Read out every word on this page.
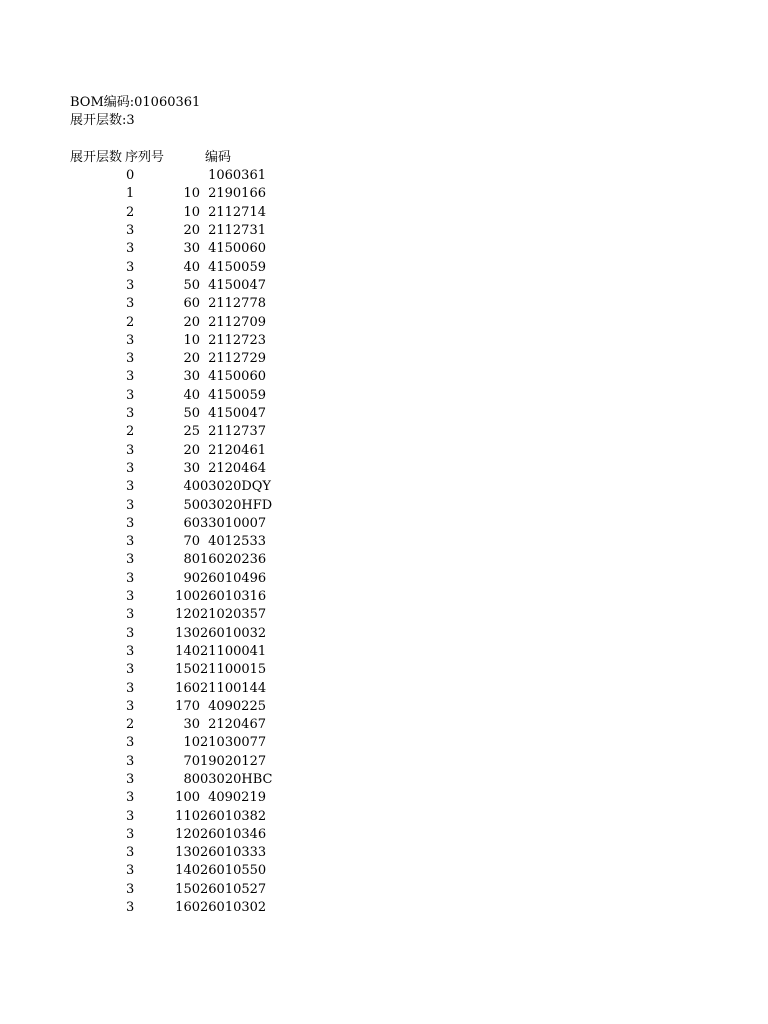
BOM编码:01060361
展开层数:3
展开层数 序列号	编码
0	1060361
1	10 2190166
2	10 2112714
3	20 2112731
3	30 4150060
3	40 4150059
3	50 4150047
3	60 2112778
2	20 2112709
3	10 2112723
3	20 2112729
3	30 4150060
3	40 4150059
3	50 4150047
2	25 2112737
3	20 2120461
3	30 2120464
3	40 03020DQY
3	50 03020HFD
3	60 33010007
3	70 4012533
3	80 16020236
3	90 26010496
3	100 26010316
3	120 21020357
3	130 26010032
3	140 21100041
3	150 21100015
3	160 21100144
3	170 4090225
2	30 2120467
3	10 21030077
3	70 19020127
3	80 03020HBC
3	100 4090219
3	110 26010382
3	120 26010346
3	130 26010333
3	140 26010550
3	150 26010527
3	160 26010302
